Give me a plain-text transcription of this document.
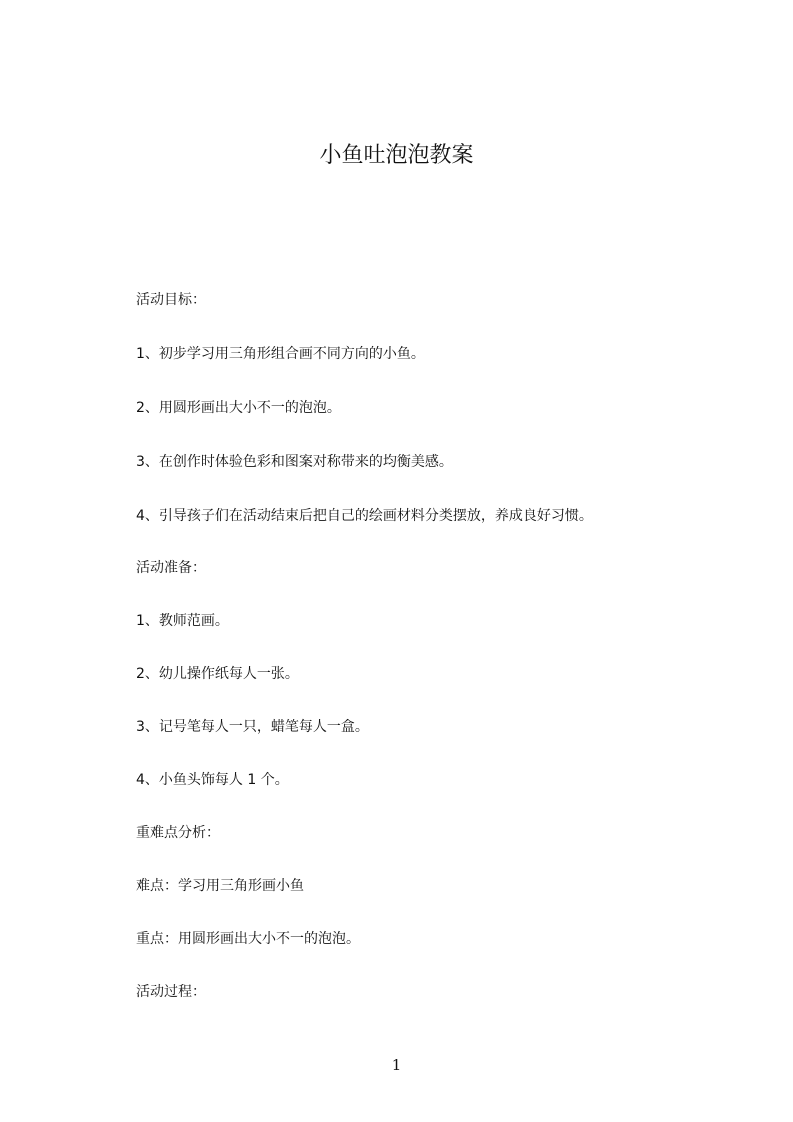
小鱼吐泡泡教案
活动目标：
1、初步学习用三角形组合画不同方向的小鱼。
2、用圆形画出大小不一的泡泡。
3、在创作时体验色彩和图案对称带来的均衡美感。
4、引导孩子们在活动结束后把自己的绘画材料分类摆放，养成良好习惯。
活动准备：
1、教师范画。
2、幼儿操作纸每人一张。
3、记号笔每人一只，蜡笔每人一盒。
4、小鱼头饰每人 1 个。
重难点分析：
难点：学习用三角形画小鱼
重点：用圆形画出大小不一的泡泡。
活动过程：
1
